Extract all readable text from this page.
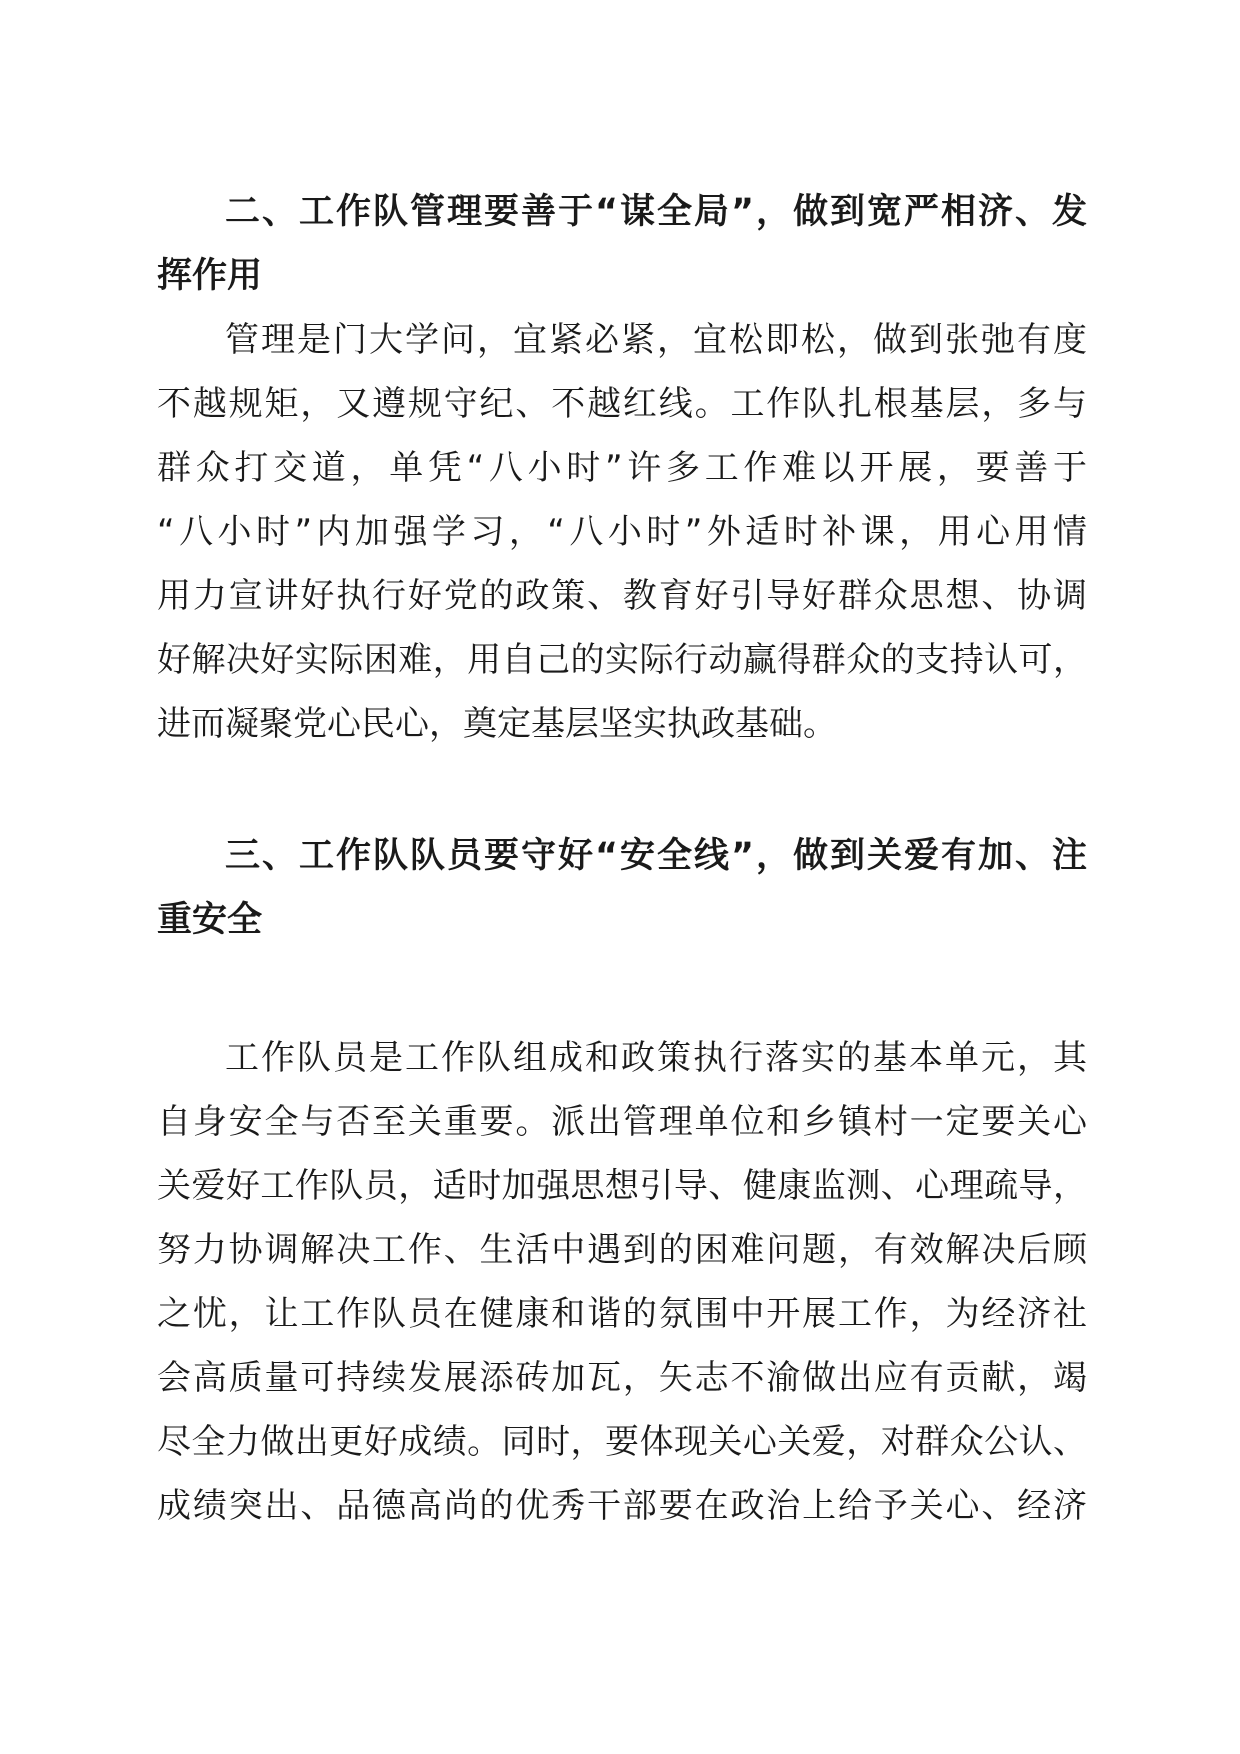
二、工作队管理要善于“谋全局”，做到宽严相济、发
挥作用
管理是门大学问，宜紧必紧，宜松即松，做到张弛有度
不越规矩，又遵规守纪、不越红线。工作队扎根基层，多与
群众打交道，单凭“八小时”许多工作难以开展，要善于
“八小时”内加强学习，“八小时”外适时补课，用心用情
用力宣讲好执行好党的政策、教育好引导好群众思想、协调
好解决好实际困难，用自己的实际行动赢得群众的支持认可，
进而凝聚党心民心，奠定基层坚实执政基础。
三、工作队队员要守好“安全线”，做到关爱有加、注
重安全
工作队员是工作队组成和政策执行落实的基本单元，其
自身安全与否至关重要。派出管理单位和乡镇村一定要关心
关爱好工作队员，适时加强思想引导、健康监测、心理疏导，
努力协调解决工作、生活中遇到的困难问题，有效解决后顾
之忧，让工作队员在健康和谐的氛围中开展工作，为经济社
会高质量可持续发展添砖加瓦，矢志不渝做出应有贡献，竭
尽全力做出更好成绩。同时，要体现关心关爱，对群众公认、
成绩突出、品德高尚的优秀干部要在政治上给予关心、经济
